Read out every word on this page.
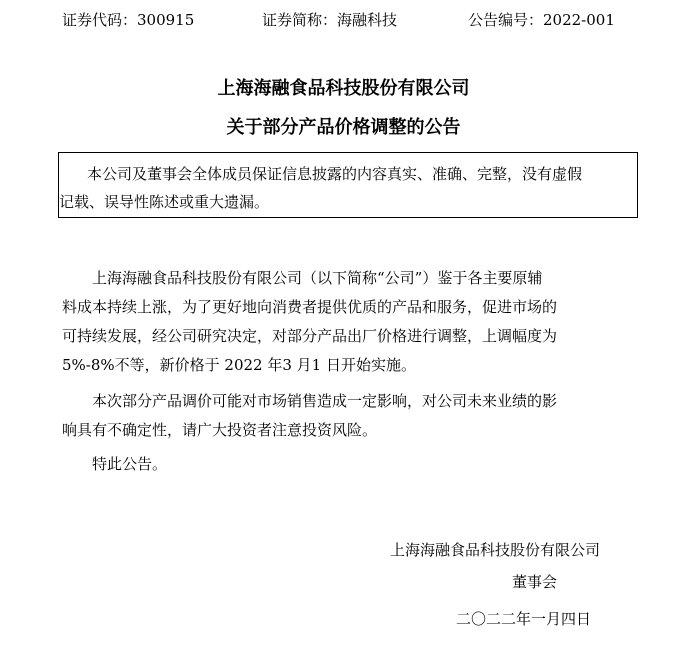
证券代码：300915	证券简称：海融科技	公告编号：2022-001
上海海融食品科技股份有限公司
关于部分产品价格调整的公告
本公司及董事会全体成员保证信息披露的内容真实、准确、完整，没有虚假
记载、误导性陈述或重大遗漏。
上海海融食品科技股份有限公司（以下简称“公司”）鉴于各主要原辅
料成本持续上涨，为了更好地向消费者提供优质的产品和服务，促进市场的
可持续发展，经公司研究决定，对部分产品出厂价格进行调整，上调幅度为
5%-8%不等，新价格于 2022 年3 月1 日开始实施。
本次部分产品调价可能对市场销售造成一定影响，对公司未来业绩的影
响具有不确定性，请广大投资者注意投资风险。
特此公告。
上海海融食品科技股份有限公司
董事会
二〇二二年一月四日
